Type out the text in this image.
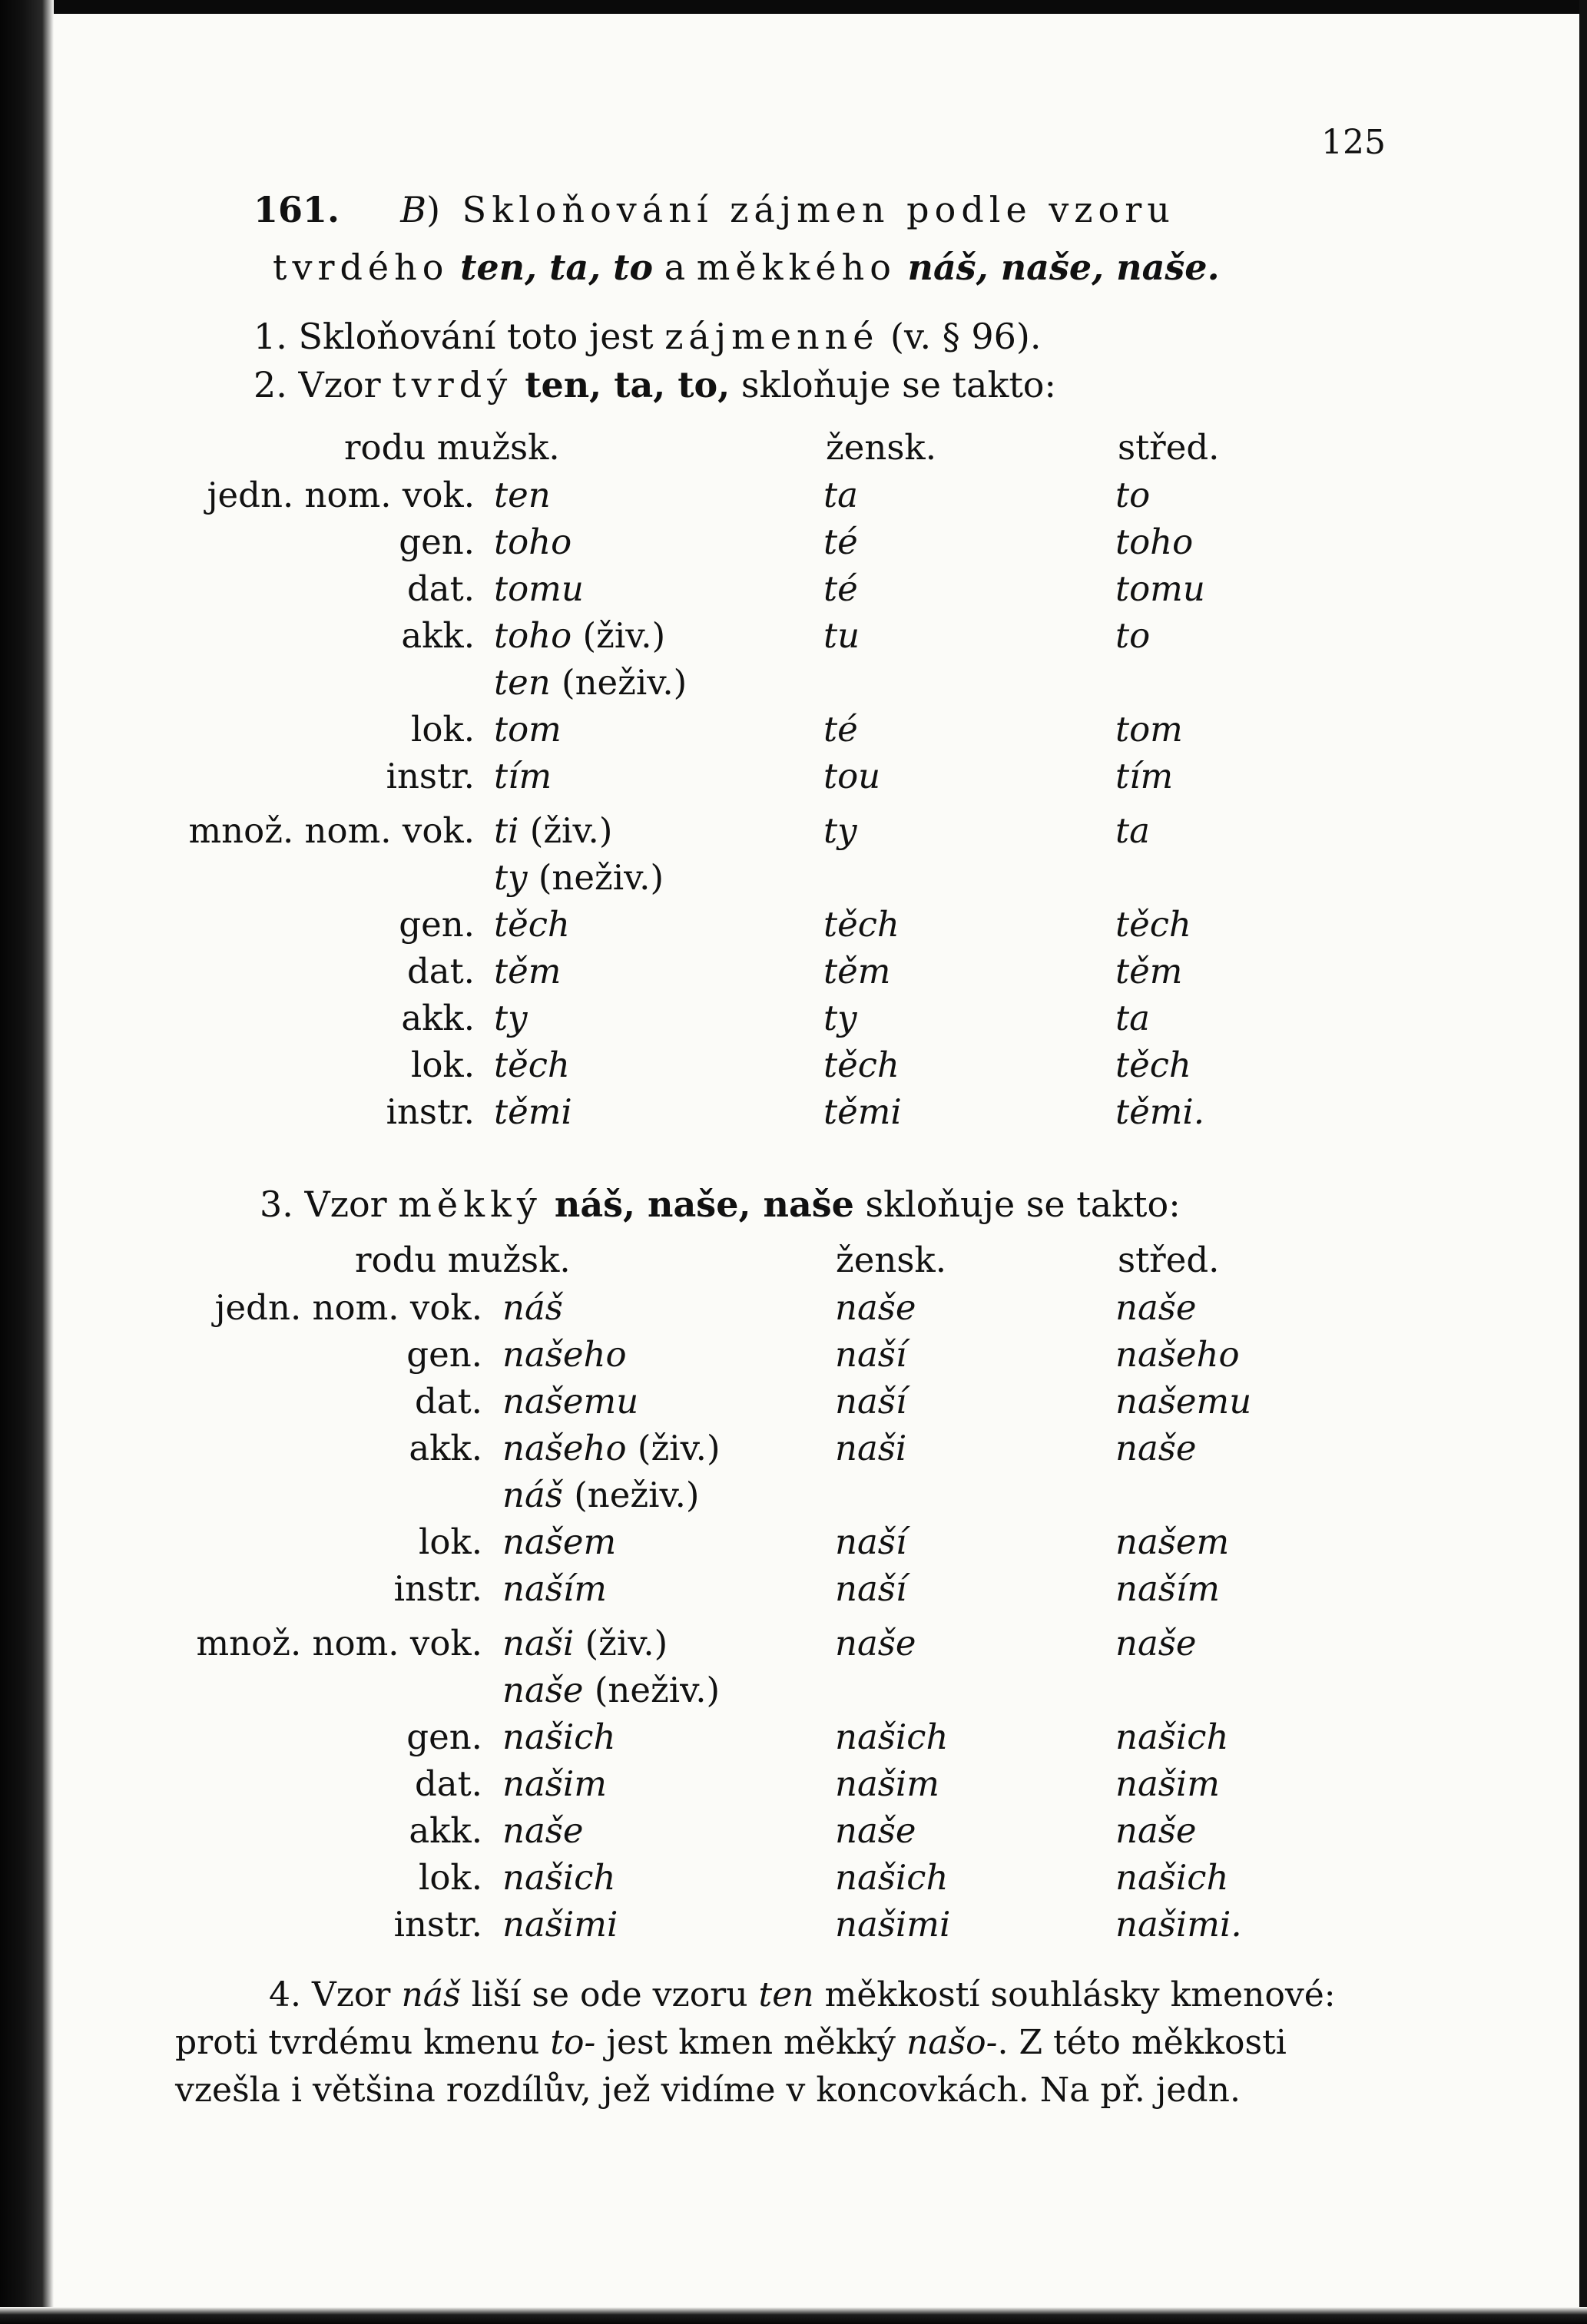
125
161. B) Skloňování zájmen podle vzoru
tvrdého ten, ta, to a měkkého náš, naše, naše.
1. Skloňování toto jest zájmenné (v. § 96).
2. Vzor tvrdý ten, ta, to, skloňuje se takto:
rodu mužsk.	žensk.	střed.
jedn. nom. vok. ten	ta	to
gen. toho	té	toho
dat. tomu	té	tomu
akk. toho (živ.)	tu	to
ten (neživ.)
lok. tom	té	tom
instr. tím	tou	tím
množ. nom. vok. ti (živ.)	ty	ta
ty (neživ.)
gen. těch	těch	těch
dat. těm	těm	těm
akk. ty	ty	ta
lok. těch	těch	těch
instr. těmi	těmi	těmi.
3. Vzor měkký náš, naše, naše skloňuje se takto:
rodu mužsk.	žensk.	střed.
jedn. nom. vok. náš	naše	naše
gen. našeho	naší	našeho
dat. našemu	naší	našemu
akk. našeho (živ.)	naši	naše
náš (neživ.)
lok. našem	naší	našem
instr. naším	naší	naším
množ. nom. vok. naši (živ.)	naše	naše
naše (neživ.)
gen. našich	našich	našich
dat. našim	našim	našim
akk. naše	naše	naše
lok. našich	našich	našich
instr. našimi	našimi	našimi.
4. Vzor náš liší se ode vzoru ten měkkostí souhlásky kmenové:
proti tvrdému kmenu to- jest kmen měkký našo-. Z této měkkosti
vzešla i většina rozdílův, jež vidíme v koncovkách. Na př. jedn.
